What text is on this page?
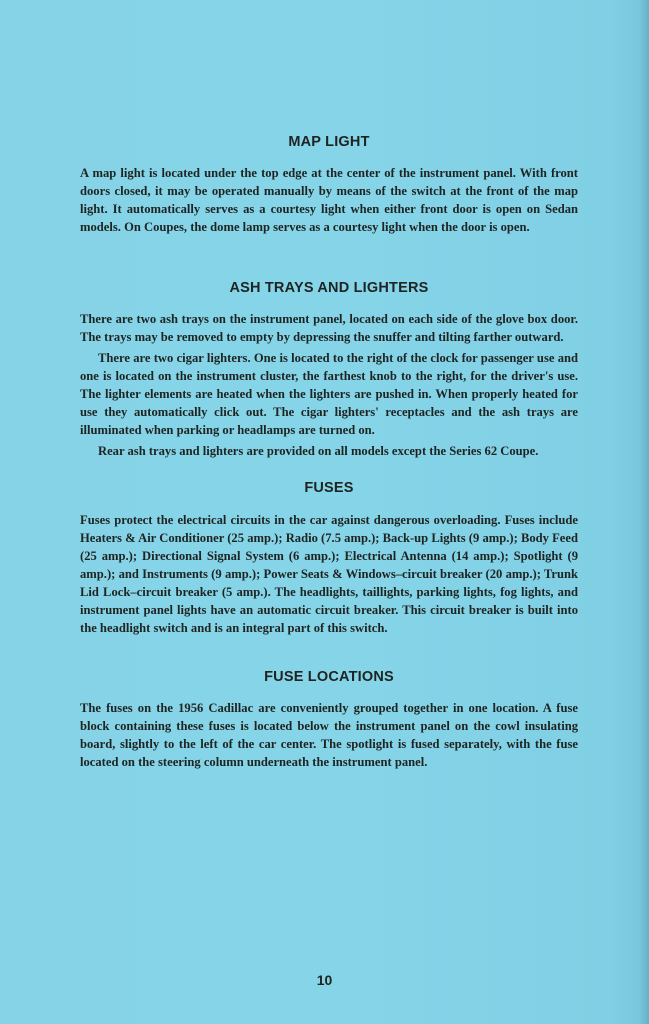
MAP LIGHT

A map light is located under the top edge at the center of the instrument panel. With front doors closed, it may be operated manually by means of the switch at the front of the map light. It automatically serves as a courtesy light when either front door is open on Sedan models. On Coupes, the dome lamp serves as a courtesy light when the door is open.

ASH TRAYS AND LIGHTERS

There are two ash trays on the instrument panel, located on each side of the glove box door. The trays may be removed to empty by depressing the snuffer and tilting farther outward.

There are two cigar lighters. One is located to the right of the clock for passenger use and one is located on the instrument cluster, the farthest knob to the right, for the driver's use. The lighter elements are heated when the lighters are pushed in. When properly heated for use they automatically click out. The cigar lighters' receptacles and the ash trays are illuminated when parking or headlamps are turned on.

Rear ash trays and lighters are provided on all models except the Series 62 Coupe.

FUSES

Fuses protect the electrical circuits in the car against dangerous overloading. Fuses include Heaters & Air Conditioner (25 amp.); Radio (7.5 amp.); Back-up Lights (9 amp.); Body Feed (25 amp.); Directional Signal System (6 amp.); Electrical Antenna (14 amp.); Spotlight (9 amp.); and Instruments (9 amp.); Power Seats & Windows–circuit breaker (20 amp.); Trunk Lid Lock–circuit breaker (5 amp.). The headlights, taillights, parking lights, fog lights, and instrument panel lights have an automatic circuit breaker. This circuit breaker is built into the headlight switch and is an integral part of this switch.

FUSE LOCATIONS

The fuses on the 1956 Cadillac are conveniently grouped together in one location. A fuse block containing these fuses is located below the instrument panel on the cowl insulating board, slightly to the left of the car center. The spotlight is fused separately, with the fuse located on the steering column underneath the instrument panel.

10
